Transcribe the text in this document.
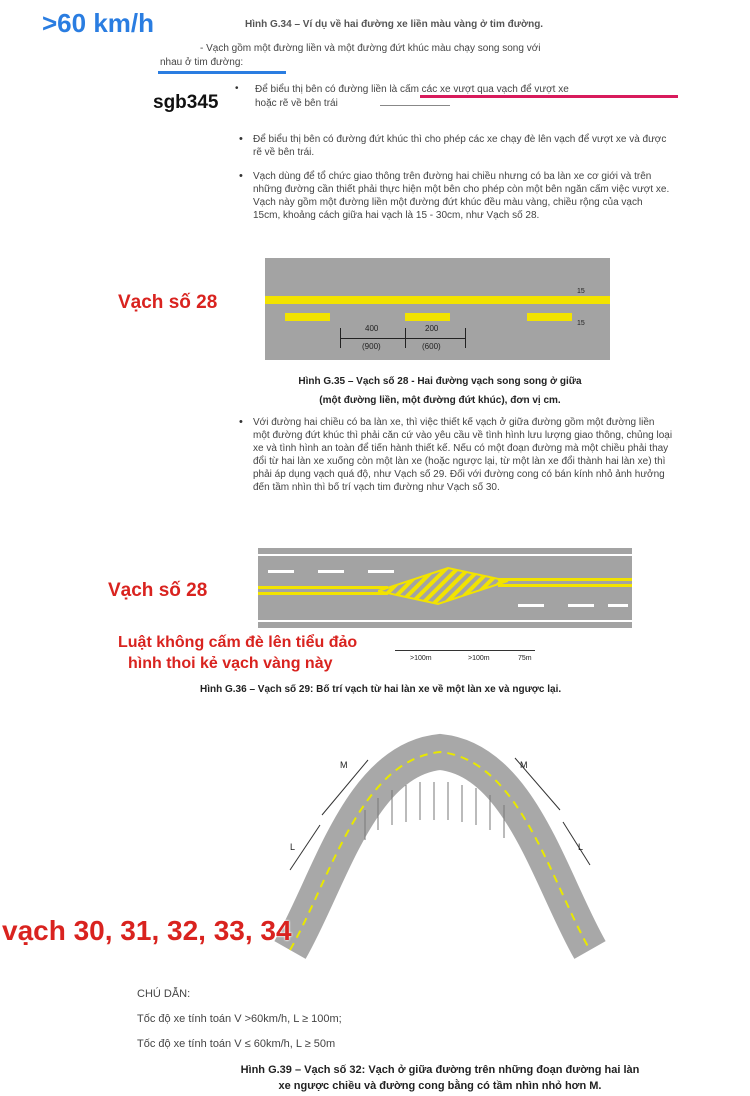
>60 km/h	Hình G.34 – Ví dụ về hai đường xe liền màu vàng ở tim đường.
- Vạch gồm một đường liền và một đường đứt khúc màu chạy song song với
nhau ở tim đường:
sgb345
Để biểu thị bên có đường liền là cấm các xe vượt qua vạch để vượt xe
•
hoặc rẽ về bên trái
• Để biểu thị bên có đường đứt khúc thì cho phép các xe chạy đè lên vạch để vượt xe và được rẽ về bên trái.
• Vạch dùng để tổ chức giao thông trên đường hai chiều nhưng có ba làn xe cơ giới và trên những đường cần thiết phải thực hiện một bên cho phép còn một bên ngăn cấm việc vượt xe. Vạch này gồm một đường liền một đường đứt khúc đều màu vàng, chiều rộng của vạch 15cm, khoảng cách giữa hai vạch là 15 - 30cm, như Vạch số 28.
400	200
(900)	(600)
15
15
Vạch số 28
Hình G.35 – Vạch số 28 - Hai đường vạch song song ở giữa
(một đường liền, một đường đứt khúc), đơn vị cm.
• Với đường hai chiều có ba làn xe, thì việc thiết kế vạch ở giữa đường gồm một đường liền một đường đứt khúc thì phải căn cứ vào yêu cầu về tình hình lưu lượng giao thông, chủng loại xe và tình hình an toàn để tiến hành thiết kế. Nếu có một đoạn đường mà một chiều phải thay đổi từ hai làn xe xuống còn một làn xe (hoặc ngược lại, từ một làn xe đổi thành hai làn xe) thì phải áp dụng vạch quá độ, như Vạch số 29. Đối với đường cong có bán kính nhỏ ảnh hưởng đến tầm nhìn thì bố trí vạch tim đường như Vạch số 30.
>100m	>100m	75m
Vạch số 28
Luật không cấm đè lên tiểu đảo
hình thoi kẻ vạch vàng này
Hình G.36 – Vạch số 29: Bố trí vạch từ hai làn xe về một làn xe và ngược lại.
M	M
L	L
vạch 30, 31, 32, 33, 34
CHÚ DẪN:
Tốc độ xe tính toán V >60km/h, L ≥ 100m;
Tốc độ xe tính toán V ≤ 60km/h, L ≥ 50m
Hình G.39 – Vạch số 32: Vạch ở giữa đường trên những đoạn đường hai làn
xe ngược chiều và đường cong bằng có tầm nhìn nhỏ hơn M.
